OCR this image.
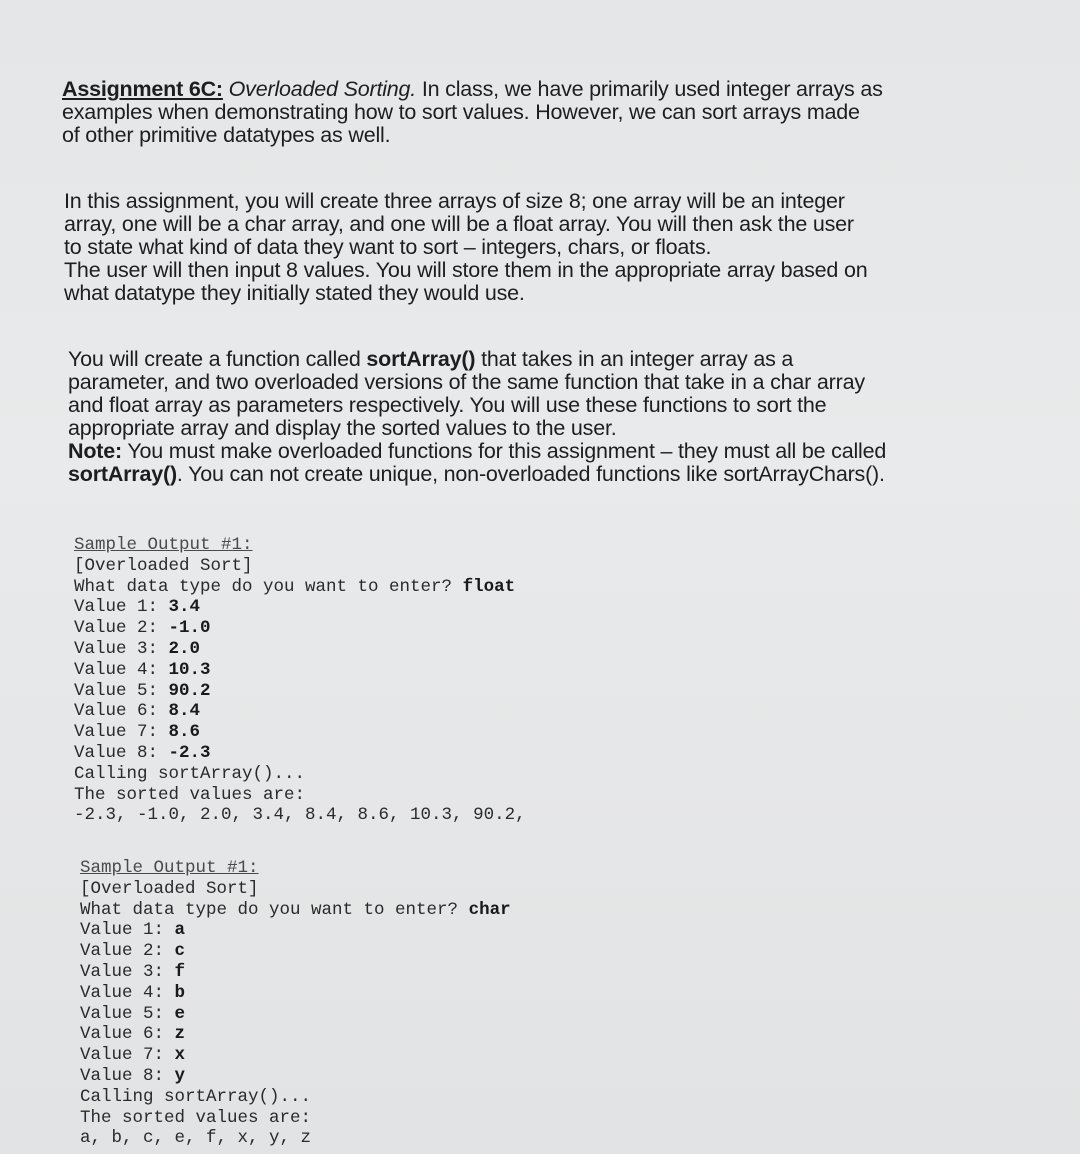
Assignment 6C: Overloaded Sorting. In class, we have primarily used integer arrays as
examples when demonstrating how to sort values. However, we can sort arrays made
of other primitive datatypes as well.
In this assignment, you will create three arrays of size 8; one array will be an integer
array, one will be a char array, and one will be a float array. You will then ask the user
to state what kind of data they want to sort – integers, chars, or floats.
The user will then input 8 values. You will store them in the appropriate array based on
what datatype they initially stated they would use.
You will create a function called sortArray() that takes in an integer array as a
parameter, and two overloaded versions of the same function that take in a char array
and float array as parameters respectively. You will use these functions to sort the
appropriate array and display the sorted values to the user.
Note: You must make overloaded functions for this assignment – they must all be called
sortArray(). You can not create unique, non-overloaded functions like sortArrayChars().
Sample Output #1:
[Overloaded Sort]
What data type do you want to enter? float
Value 1: 3.4
Value 2: -1.0
Value 3: 2.0
Value 4: 10.3
Value 5: 90.2
Value 6: 8.4
Value 7: 8.6
Value 8: -2.3
Calling sortArray()...
The sorted values are:
-2.3, -1.0, 2.0, 3.4, 8.4, 8.6, 10.3, 90.2,
Sample Output #1:
[Overloaded Sort]
What data type do you want to enter? char
Value 1: a
Value 2: c
Value 3: f
Value 4: b
Value 5: e
Value 6: z
Value 7: x
Value 8: y
Calling sortArray()...
The sorted values are:
a, b, c, e, f, x, y, z
